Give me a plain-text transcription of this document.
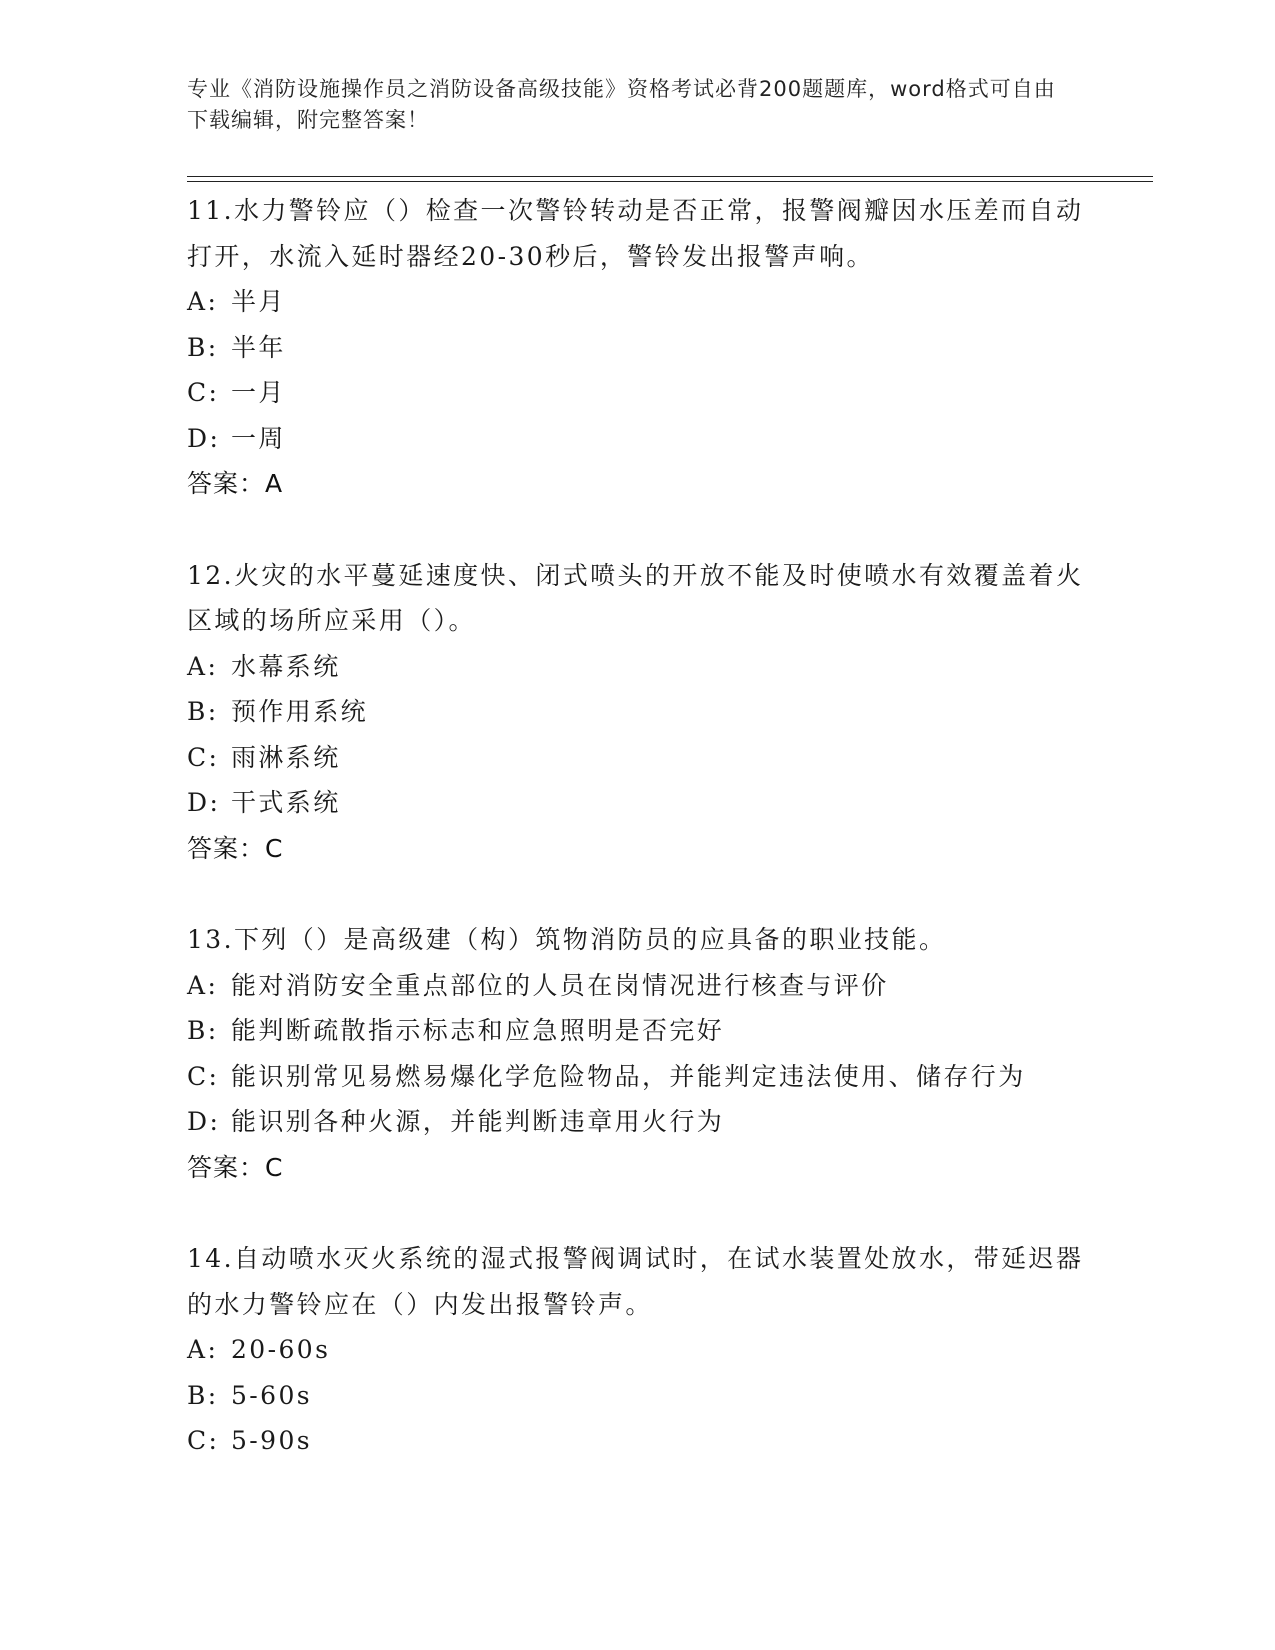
专业《消防设施操作员之消防设备高级技能》资格考试必背200题题库，word格式可自由下载编辑，附完整答案！

11.水力警铃应（）检查一次警铃转动是否正常，报警阀瓣因水压差而自动打开，水流入延时器经20-30秒后，警铃发出报警声响。

A: 半月
B: 半年
C: 一月
D: 一周
答案：A

12.火灾的水平蔓延速度快、闭式喷头的开放不能及时使喷水有效覆盖着火区域的场所应采用（）。

A: 水幕系统
B: 预作用系统
C: 雨淋系统
D: 干式系统
答案：C

13.下列（）是高级建（构）筑物消防员的应具备的职业技能。

A: 能对消防安全重点部位的人员在岗情况进行核查与评价
B: 能判断疏散指示标志和应急照明是否完好
C: 能识别常见易燃易爆化学危险物品，并能判定违法使用、储存行为
D: 能识别各种火源，并能判断违章用火行为
答案：C

14.自动喷水灭火系统的湿式报警阀调试时，在试水装置处放水，带延迟器的水力警铃应在（）内发出报警铃声。

A: 20-60s
B: 5-60s
C: 5-90s
